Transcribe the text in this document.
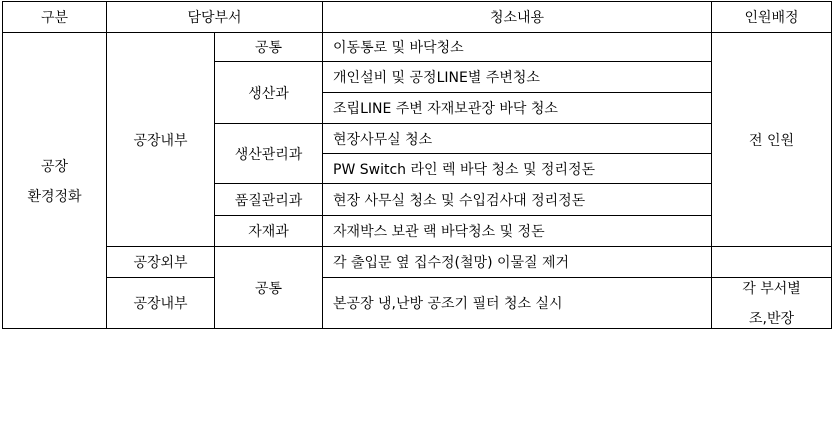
구분	담당부서		청소내용	인원배정

공장
환경정화	공장내부	공통	이동통로 및 바닥청소	전 인원
		생산과	개인설비 및 공정LINE별 주변청소	

			조립LINE 주변 자재보관장 바닥 청소	

		생산관리과	현장사무실 청소	

			PW Switch 라인 렉 바닥 청소 및 정리정돈	

		품질관리과	현장 사무실 청소 및 수입검사대 정리정돈	

		자재과	자재박스 보관 랙 바닥청소 및 정돈	

	공장외부	공통	각 출입문 옆 집수정(철망) 이물질 제거	

	공장내부		본공장 냉,난방 공조기 필터 청소 실시	각 부서별
조,반장
